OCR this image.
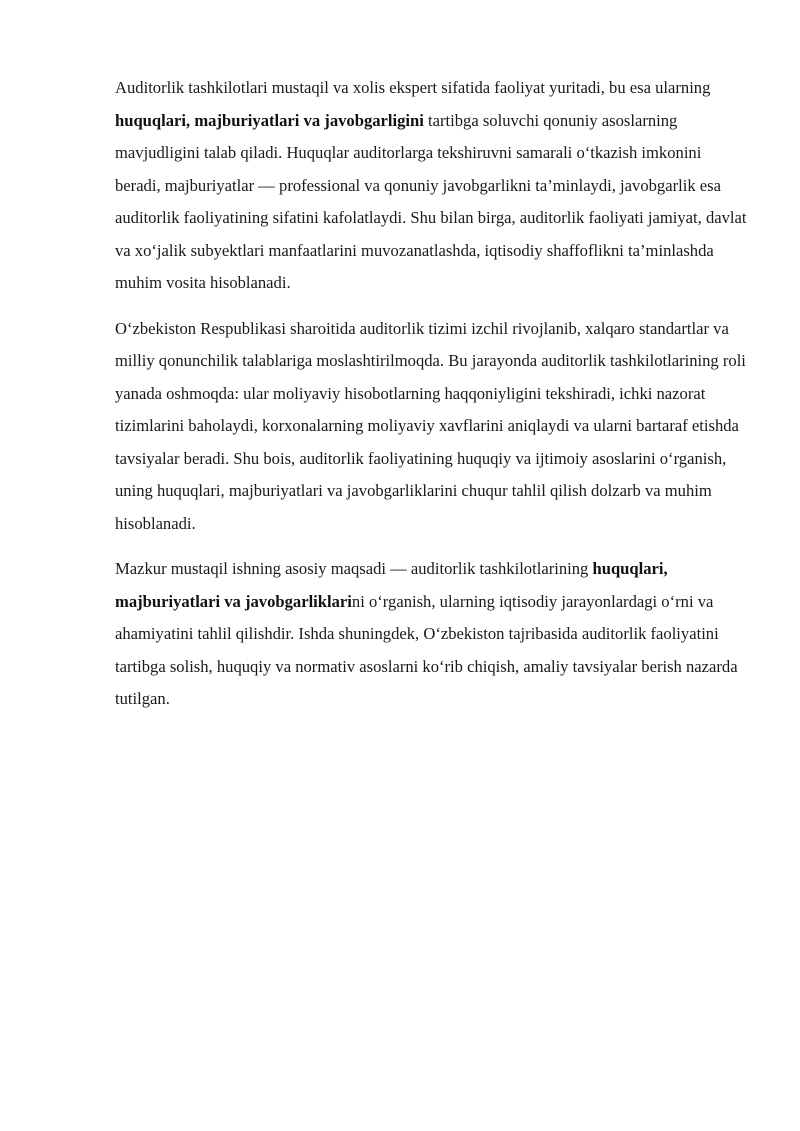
Auditorlik tashkilotlari mustaqil va xolis ekspert sifatida faoliyat yuritadi, bu esa ularning huquqlari, majburiyatlari va javobgarligini tartibga soluvchi qonuniy asoslarning mavjudligini talab qiladi. Huquqlar auditorlarga tekshiruvni samarali o‘tkazish imkonini beradi, majburiyatlar — professional va qonuniy javobgarlikni ta’minlaydi, javobgarlik esa auditorlik faoliyatining sifatini kafolatlaydi. Shu bilan birga, auditorlik faoliyati jamiyat, davlat va xo‘jalik subyektlari manfaatlarini muvozanatlashda, iqtisodiy shaffoflikni ta’minlashda muhim vosita hisoblanadi.

O‘zbekiston Respublikasi sharoitida auditorlik tizimi izchil rivojlanib, xalqaro standartlar va milliy qonunchilik talablariga moslashtirilmoqda. Bu jarayonda auditorlik tashkilotlarining roli yanada oshmoqda: ular moliyaviy hisobotlarning haqqoniyligini tekshiradi, ichki nazorat tizimlarini baholaydi, korxonalarning moliyaviy xavflarini aniqlaydi va ularni bartaraf etishda tavsiyalar beradi. Shu bois, auditorlik faoliyatining huquqiy va ijtimoiy asoslarini o‘rganish, uning huquqlari, majburiyatlari va javobgarliklarini chuqur tahlil qilish dolzarb va muhim hisoblanadi.

Mazkur mustaqil ishning asosiy maqsadi — auditorlik tashkilotlarining huquqlari, majburiyatlari va javobgarliklarini o‘rganish, ularning iqtisodiy jarayonlardagi o‘rni va ahamiyatini tahlil qilishdir. Ishda shuningdek, O‘zbekiston tajribasida auditorlik faoliyatini tartibga solish, huquqiy va normativ asoslarni ko‘rib chiqish, amaliy tavsiyalar berish nazarda tutilgan.
